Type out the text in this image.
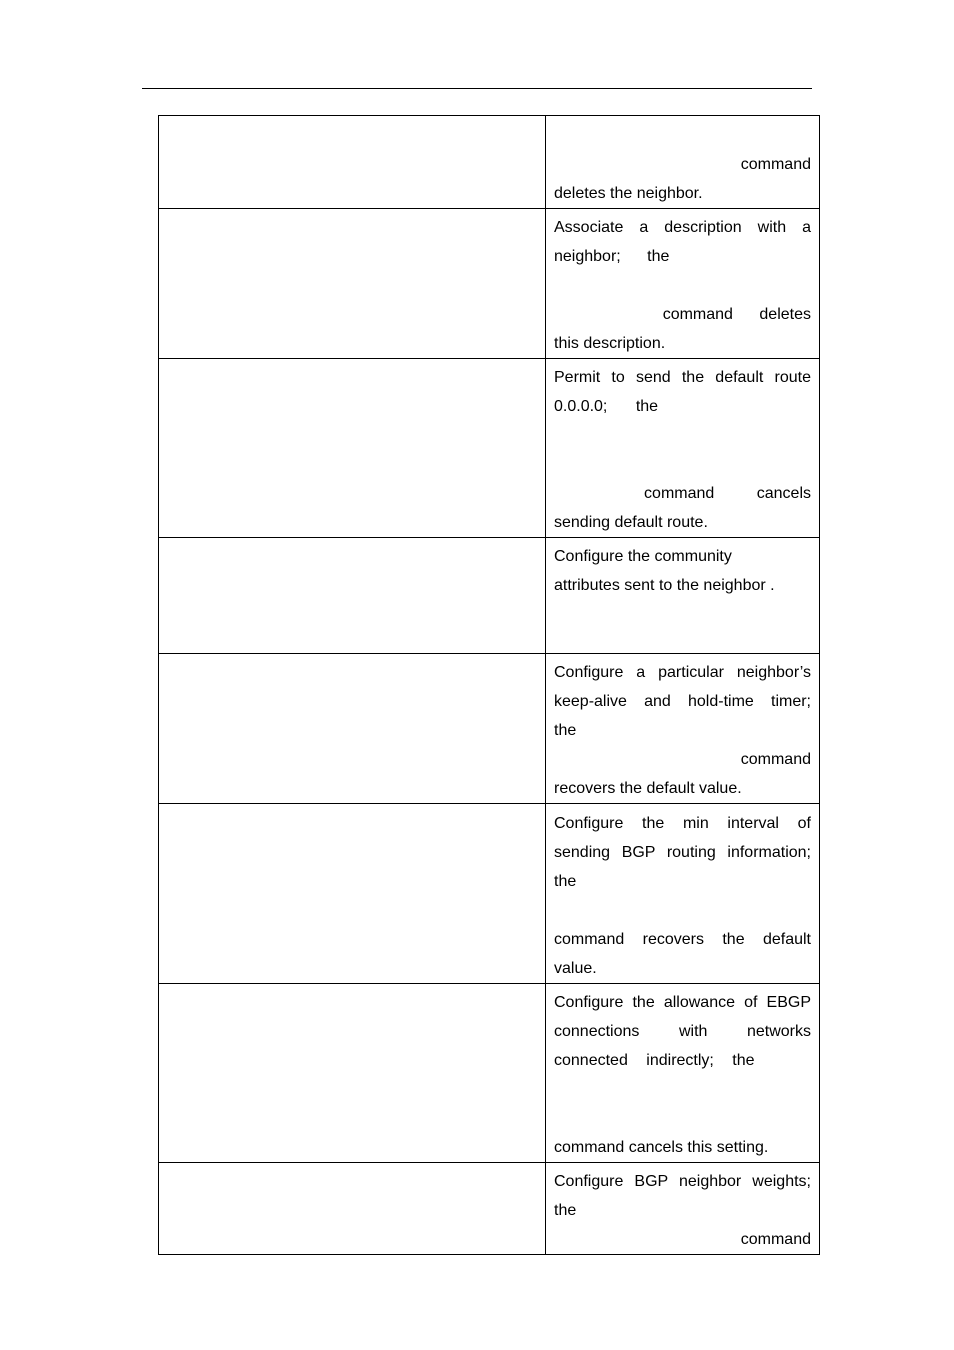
	command
deletes the neighbor.

	Associate a description with a
neighbor; the
command deletes
this description.

	Permit to send the default route
0.0.0.0; the
command cancels
sending default route.

	Configure the community
attributes sent to the neighbor .

	Configure a particular neighbor’s
keep-alive and hold-time timer;
the
command
recovers the default value.

	Configure the min interval of
sending BGP routing information;
the
command recovers the default
value.

	Configure the allowance of EBGP
connections with networks
connected indirectly; the
command cancels this setting.

	Configure BGP neighbor weights;
the
command
